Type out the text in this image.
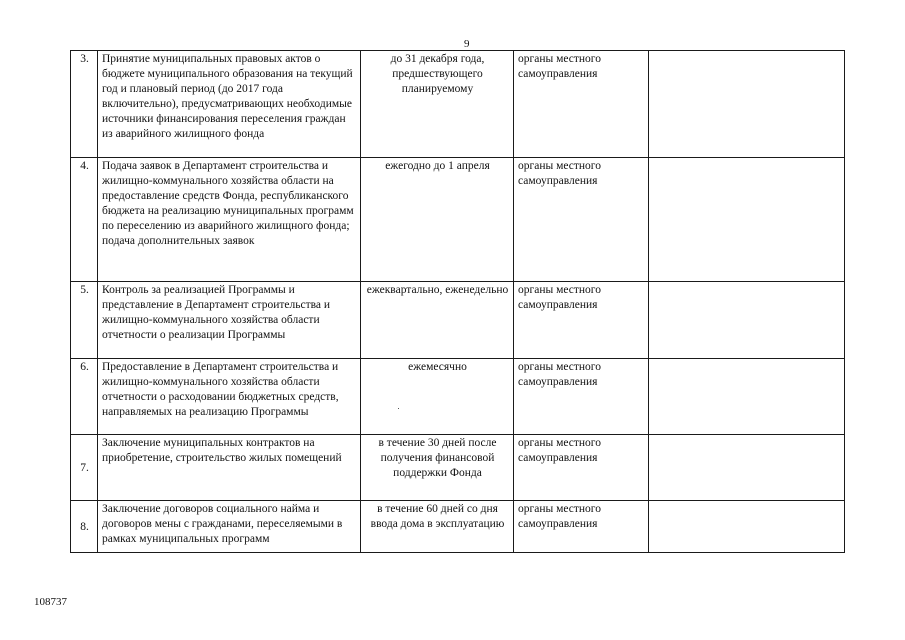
9
3.	Принятие муниципальных правовых актов о бюджете муниципального образования на текущий год и плановый период (до 2017 года включительно), предусматривающих необходимые источники финансирования переселения граждан из аварийного жилищного фонда	до 31 декабря года, предшествующего планируемому	органы местного самоуправления	
4.	Подача заявок в Департамент строительства и жилищно-коммунального хозяйства области на предоставление средств Фонда, республиканского бюджета на реализацию муниципальных программ по переселению из аварийного жилищного фонда; подача дополнительных заявок	ежегодно до 1 апреля	органы местного самоуправления	
5.	Контроль за реализацией Программы и представление в Департамент строительства и жилищно-коммунального хозяйства области отчетности о реализации Программы	ежеквартально, еженедельно	органы местного самоуправления	
6.	Предоставление в Департамент строительства и жилищно-коммунального хозяйства области отчетности о расходовании бюджетных средств, направляемых на реализацию Программы	ежемесячно	органы местного самоуправления	
7.	Заключение муниципальных контрактов на приобретение, строительство жилых помещений	в течение 30 дней после получения финансовой поддержки Фонда	органы местного самоуправления	
8.	Заключение договоров социального найма и договоров мены с гражданами, переселяемыми в рамках муниципальных программ	в течение 60 дней со дня ввода дома в эксплуатацию	органы местного самоуправления	
108737
